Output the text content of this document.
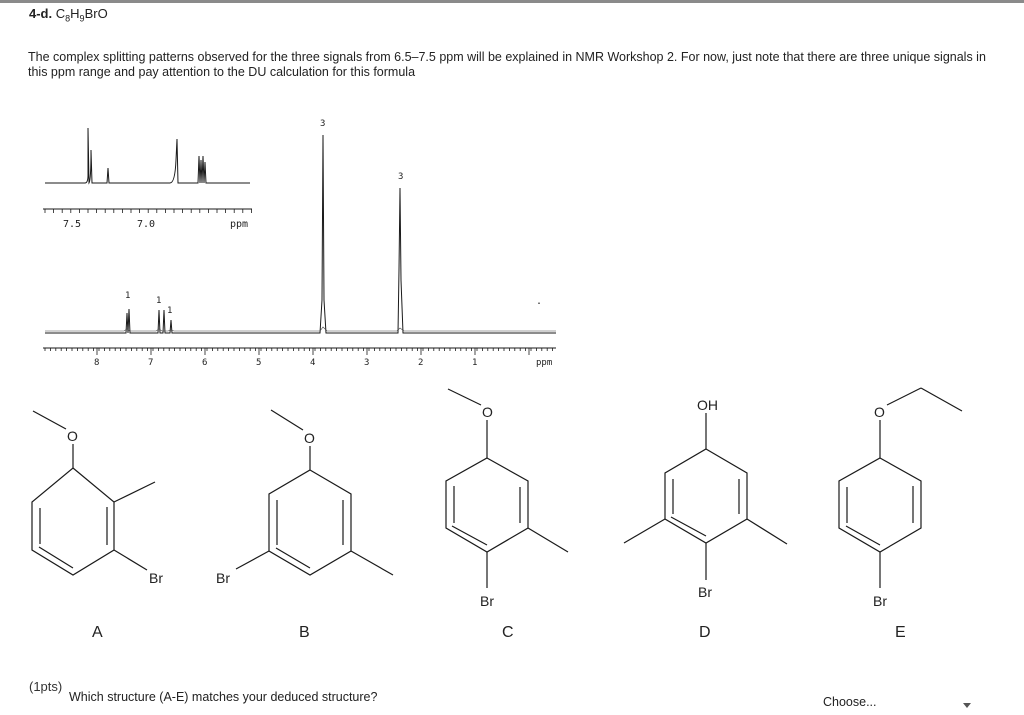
4-d. $C_8H_9BrO$
The complex splitting patterns observed for the three signals from 6.5–7.5 ppm will be explained in NMR Workshop 2. For now, just note that there are three unique signals in this ppm range and pay attention to the DU calculation for this formula
7.5	7.0	ppm
8	7	6	5	4	3	2	1	ppm
1	1
1
3
3
.
O
Br
O
Br
O
Br
OH
Br
O
Br
A	B	C	D	E
(1pts)
Which structure (A-E) matches your deduced structure?	Choose...
